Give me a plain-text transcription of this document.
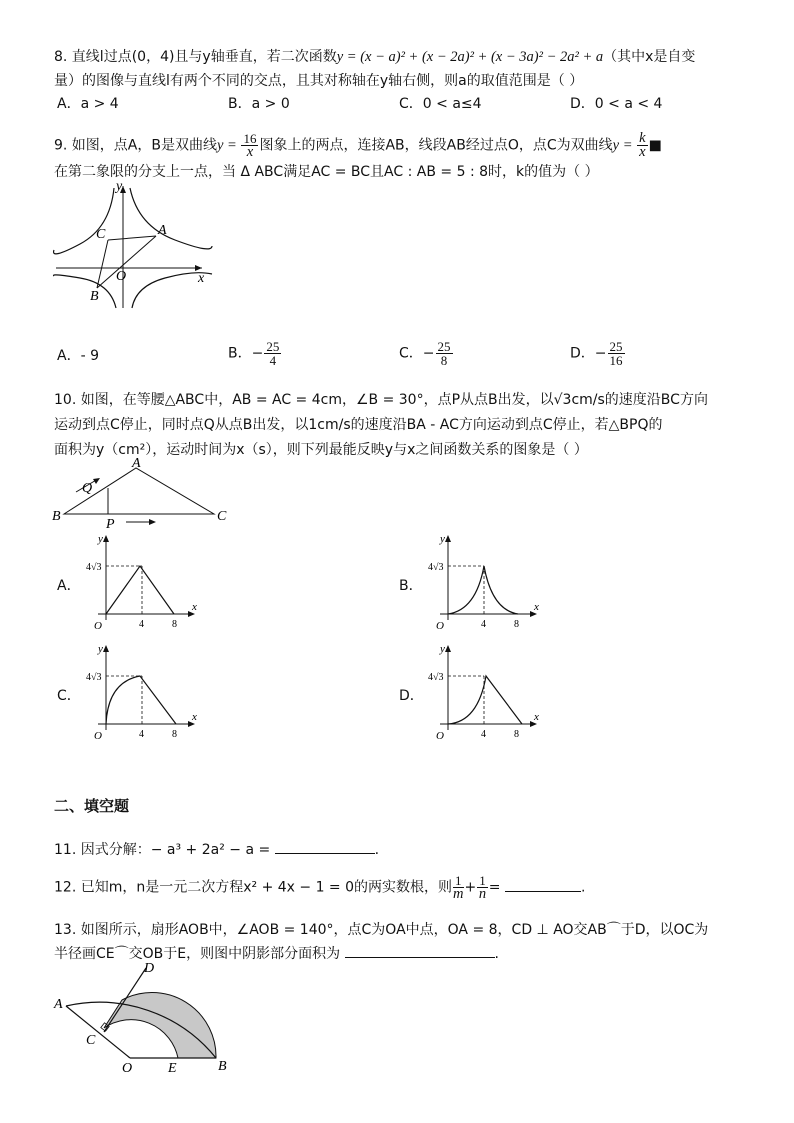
8. 直线l过点(0，4)且与y轴垂直，若二次函数y = (x − a)² + (x − 2a)² + (x − 3a)² − 2a² + a（其中x是自变
量）的图像与直线l有两个不同的交点，且其对称轴在y轴右侧，则a的取值范围是（ ）
A．a > 4	B．a > 0	C．0 < a≤4	D．0 < a < 4
9. 如图，点A，B是双曲线$y = \frac{16}{x}$ 图象上的两点，连接AB，线段AB经过点O，点C为双曲线$y = \frac{k}{x}$ ■
在第二象限的分支上一点，当 Δ ABC满足AC = BC且AC : AB = 5 : 8时，k的值为（ ）
y
x
A
B
C
O
A．- 9	B．− $\frac{25}{4}$	C．− $\frac{25}{8}$	D．− $\frac{25}{16}$
10. 如图，在等腰△ABC中，AB = AC = 4cm，∠B = 30°，点P从点B出发，以√3cm/s的速度沿BC方向
运动到点C停止，同时点Q从点B出发，以1cm/s的速度沿BA - AC方向运动到点C停止，若△BPQ的
面积为y（cm²），运动时间为x（s），则下列最能反映y与x之间函数关系的图象是（ ）
A
B	C
P
Q
A．	B．
C．	D．
y
x
O
4√3
4	8
y
x
O
4√3
4	8
y
x
O
4√3
4	8
y
x
O
4√3
4	8
二、填空题
11. 因式分解：− a³ + 2a² − a =	.
12. 已知m，n是一元二次方程x² + 4x − 1 = 0的两实数根，则 $\frac{1}{m} + \frac{1}{n}$ =	.
13. 如图所示，扇形AOB中，∠AOB = 140°，点C为OA中点，OA = 8，CD ⊥ AO交AB⌒于D，以OC为
半径画CE⌒交OB于E，则图中阴影部分面积为	.
A
B
C
D
E
O
